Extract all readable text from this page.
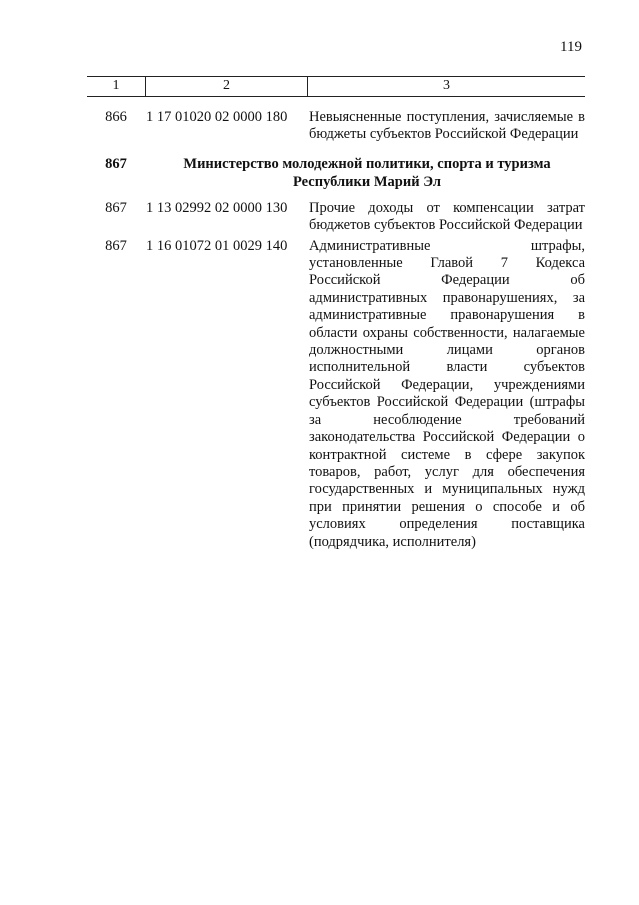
119
1	2	3
866	1 17 01020 02 0000 180	Невыясненные поступления, зачисляемые в бюджеты субъектов Российской Федерации
867	Министерство молодежной политики, спорта и туризма Республики Марий Эл
867	1 13 02992 02 0000 130	Прочие доходы от компенсации затрат бюджетов субъектов Российской Федерации
867	1 16 01072 01 0029 140	Административные штрафы, установленные Главой 7 Кодекса Российской Федерации об административных правонарушениях, за административные правонарушения в области охраны собственности, налагаемые должностными лицами органов исполнительной власти субъектов Российской Федерации, учреждениями субъектов Российской Федерации (штрафы за несоблюдение требований законодательства Российской Федерации о контрактной системе в сфере закупок товаров, работ, услуг для обеспечения государственных и муниципальных нужд при принятии решения о способе и об условиях определения поставщика (подрядчика, исполнителя)
